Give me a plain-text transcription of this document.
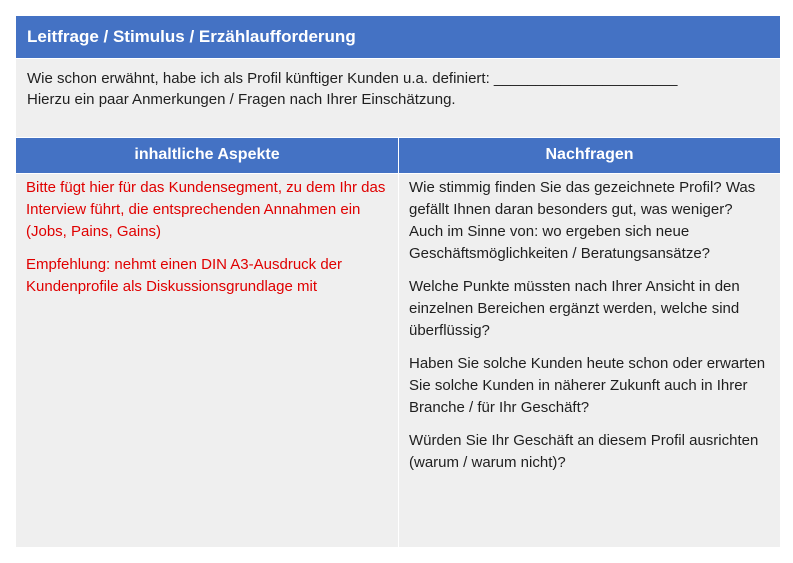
Leitfrage / Stimulus / Erzählaufforderung

Wie schon erwähnt, habe ich als Profil künftiger Kunden u.a. definiert: ______________________

Hierzu ein paar Anmerkungen / Fragen nach Ihrer Einschätzung.

inhaltliche Aspekte	Nachfragen

Bitte fügt hier für das Kundensegment, zu dem Ihr das Interview führt, die entsprechenden Annahmen ein (Jobs, Pains, Gains)

Empfehlung: nehmt einen DIN A3-Ausdruck der Kundenprofile als Diskussionsgrundlage mit

Wie stimmig finden Sie das gezeichnete Profil? Was gefällt Ihnen daran besonders gut, was weniger? Auch im Sinne von: wo ergeben sich neue Geschäftsmöglichkeiten / Beratungsansätze?

Welche Punkte müssten nach Ihrer Ansicht in den einzelnen Bereichen ergänzt werden, welche sind überflüssig?

Haben Sie solche Kunden heute schon oder erwarten Sie solche Kunden in näherer Zukunft auch in Ihrer Branche / für Ihr Geschäft?

Würden Sie Ihr Geschäft an diesem Profil ausrichten (warum / warum nicht)?
